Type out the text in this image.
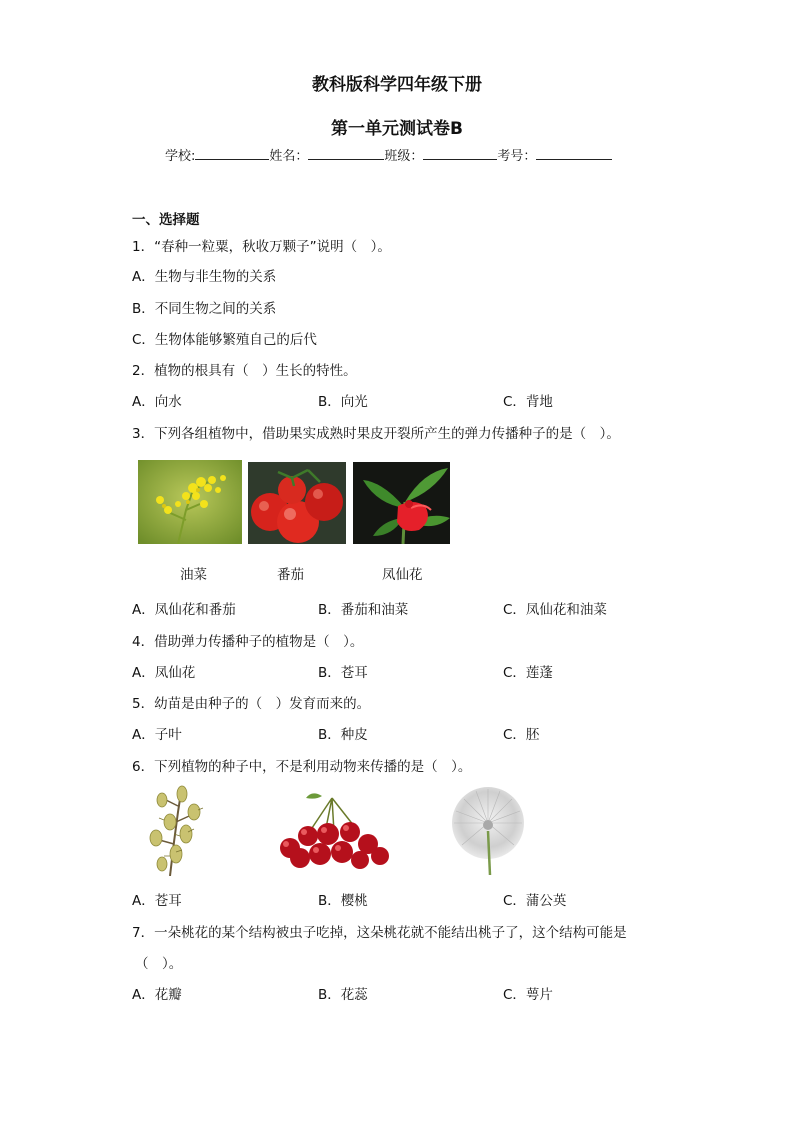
教科版科学四年级下册
第一单元测试卷B
学校:	姓名：	班级：	考号：
一、选择题
1．“春种一粒粟，秋收万颗子”说明（　）。
A．生物与非生物的关系
B．不同生物之间的关系
C．生物体能够繁殖自己的后代
2．植物的根具有（　）生长的特性。
A．向水	B．向光	C．背地
3．下列各组植物中，借助果实成熟时果皮开裂所产生的弹力传播种子的是（　）。
油菜	番茄	凤仙花
A．凤仙花和番茄	B．番茄和油菜	C．凤仙花和油菜
4．借助弹力传播种子的植物是（　）。
A．凤仙花	B．苍耳	C．莲蓬
5．幼苗是由种子的（　）发育而来的。
A．子叶	B．种皮	C．胚
6．下列植物的种子中，不是利用动物来传播的是（　）。
A．苍耳	B．樱桃	C．蒲公英
7．一朵桃花的某个结构被虫子吃掉，这朵桃花就不能结出桃子了，这个结构可能是
（　）。
A．花瓣	B．花蕊	C．萼片
